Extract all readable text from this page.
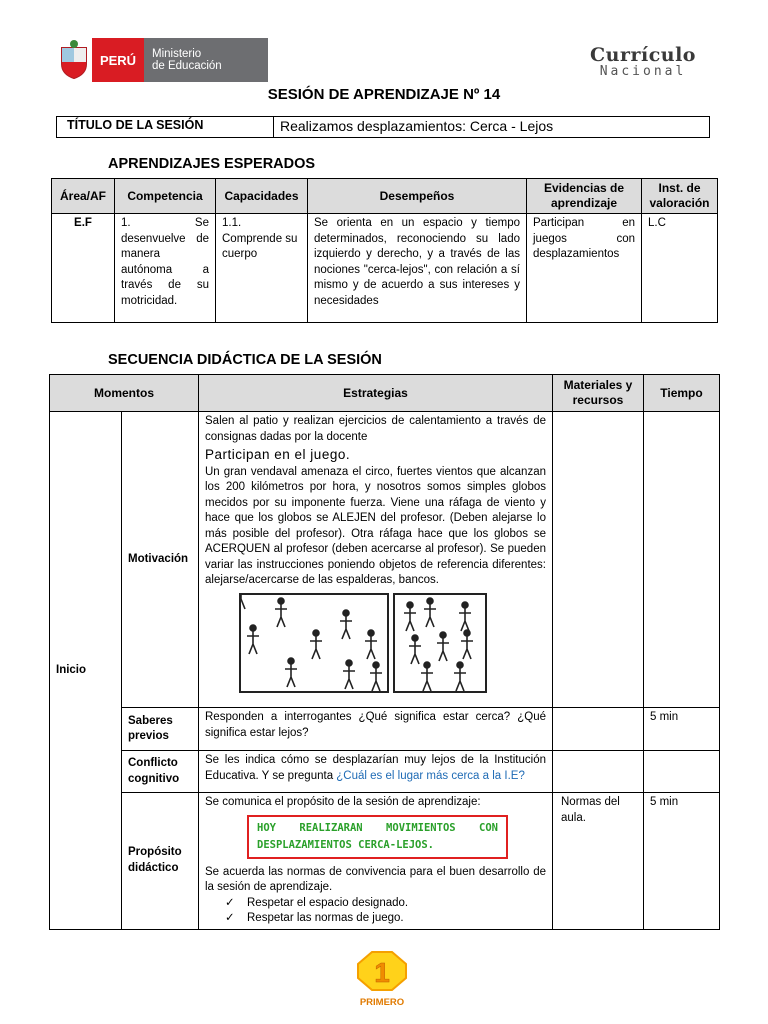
PERÚ	Ministerio
de Educación	Currículo
Nacional
SESIÓN DE APRENDIZAJE Nº 14
TÍTULO DE LA SESIÓN	Realizamos desplazamientos: Cerca - Lejos
APRENDIZAJES ESPERADOS
Área/AF	Competencia	Capacidades	Desempeños	Evidencias de aprendizaje	Inst. de valoración
E.F	1. Se desenvuelve de manera autónoma a través de su motricidad.	1.1. Comprende su cuerpo	Se orienta en un espacio y tiempo determinados, reconociendo su lado izquierdo y derecho, y a través de las nociones "cerca-lejos", con relación a sí mismo y de acuerdo a sus intereses y necesidades	Participan en juegos con desplazamientos	L.C
SECUENCIA DIDÁCTICA DE LA SESIÓN
Momentos		Estrategias	Materiales y recursos	Tiempo
Inicio	Motivación	Salen al patio y realizan ejercicios de calentamiento a través de consignas dadas por la docente
Participan en el juego.
Un gran vendaval amenaza el circo, fuertes vientos que alcanzan los 200 kilómetros por hora, y nosotros somos simples globos mecidos por su imponente fuerza. Viene una ráfaga de viento y hace que los globos se ALEJEN del profesor. (Deben alejarse lo más posible del profesor). Otra ráfaga hace que los globos se ACERQUEN al profesor (deben acercarse al profesor). Se pueden variar las instrucciones poniendo objetos de referencia diferentes: alejarse/acercarse de las espalderas, bancos.		

	Saberes previos	Responden a interrogantes ¿Qué significa estar cerca? ¿Qué significa estar lejos?		5 min
	Conflicto cognitivo	Se les indica cómo se desplazarían muy lejos de la Institución Educativa. Y se pregunta ¿Cuál es el lugar más cerca a la I.E?		
	Propósito didáctico	Se comunica el propósito de la sesión de aprendizaje:
HOY REALIZARAN MOVIMIENTOS CON DESPLAZAMIENTOS CERCA-LEJOS.
Se acuerda las normas de convivencia para el buen desarrollo de la sesión de aprendizaje.
✓ Respetar el espacio designado.
✓ Respetar las normas de juego.	Normas del aula.	5 min
1
PRIMERO
